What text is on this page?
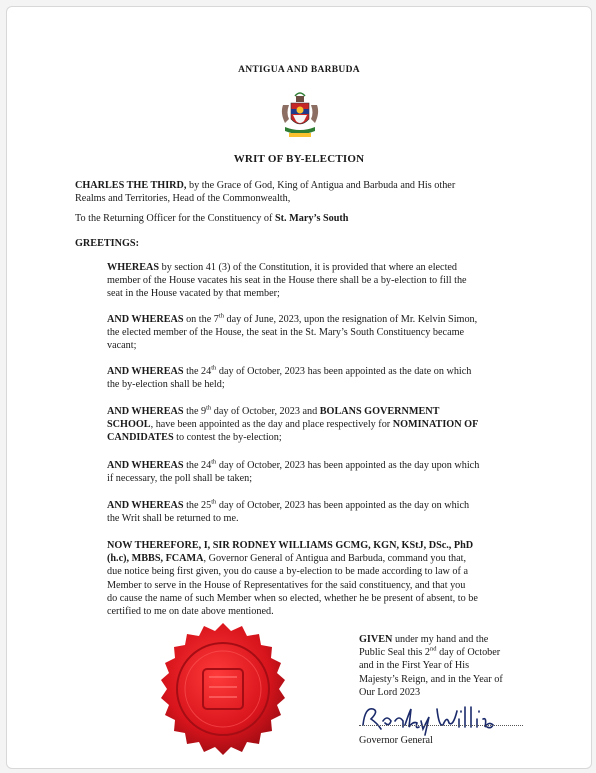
ANTIGUA AND BARBUDA
WRIT OF BY-ELECTION
CHARLES THE THIRD, by the Grace of God, King of Antigua and Barbuda and His other
Realms and Territories, Head of the Commonwealth,
To the Returning Officer for the Constituency of St. Mary’s South
GREETINGS:
WHEREAS by section 41 (3) of the Constitution, it is provided that where an elected
member of the House vacates his seat in the House there shall be a by-election to fill the
seat in the House vacated by that member;
AND WHEREAS on the 7th day of June, 2023, upon the resignation of Mr. Kelvin Simon,
the elected member of the House, the seat in the St. Mary’s South Constituency became
vacant;
AND WHEREAS the 24th day of October, 2023 has been appointed as the date on which
the by-election shall be held;
AND WHEREAS the 9th day of October, 2023 and BOLANS GOVERNMENT
SCHOOL, have been appointed as the day and place respectively for NOMINATION OF
CANDIDATES to contest the by-election;
AND WHEREAS the 24th day of October, 2023 has been appointed as the day upon which
if necessary, the poll shall be taken;
AND WHEREAS the 25th day of October, 2023 has been appointed as the day on which
the Writ shall be returned to me.
NOW THEREFORE, I, SIR RODNEY WILLIAMS GCMG, KGN, KStJ, DSc., PhD
(h.c), MBBS, FCAMA, Governor General of Antigua and Barbuda, command you that,
due notice being first given, you do cause a by-election to be made according to law of a
Member to serve in the House of Representatives for the said constituency, and that you
do cause the name of such Member when so elected, whether he be present of absent, to be
certified to me on date above mentioned.
GIVEN under my hand and the
Public Seal this 2nd day of October
and in the First Year of His
Majesty’s Reign, and in the Year of
Our Lord 2023
Governor General
